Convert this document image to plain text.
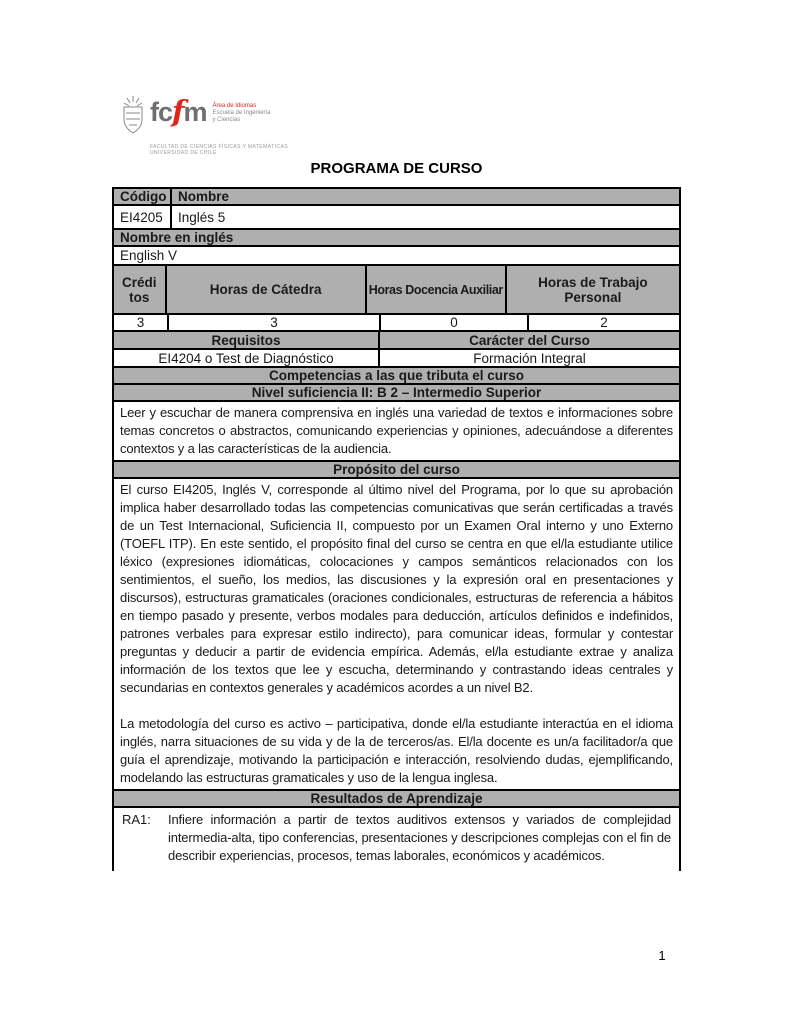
fcfm Área de Idiomas
Escuela de Ingeniería
y Ciencias
FACULTAD DE CIENCIAS FÍSICAS Y MATEMÁTICAS
UNIVERSIDAD DE CHILE
PROGRAMA DE CURSO
Código Nombre
EI4205	Inglés 5
Nombre en inglés
English V
Créditos	Horas de Cátedra	Horas Docencia Auxiliar	Horas de Trabajo Personal
3	3	0	2
Requisitos	Carácter del Curso
EI4204 o Test de Diagnóstico	Formación Integral
Competencias a las que tributa el curso
Nivel suficiencia II: B 2 – Intermedio Superior

Leer y escuchar de manera comprensiva en inglés una variedad de textos e informaciones sobre temas concretos o abstractos, comunicando experiencias y opiniones, adecuándose a diferentes contextos y a las características de la audiencia.

Propósito del curso

El curso EI4205, Inglés V, corresponde al último nivel del Programa, por lo que su aprobación implica haber desarrollado todas las competencias comunicativas que serán certificadas a través de un Test Internacional, Suficiencia II, compuesto por un Examen Oral interno y uno Externo (TOEFL ITP). En este sentido, el propósito final del curso se centra en que el/la estudiante utilice léxico (expresiones idiomáticas, colocaciones y campos semánticos relacionados con los sentimientos, el sueño, los medios, las discusiones y la expresión oral en presentaciones y discursos), estructuras gramaticales (oraciones condicionales, estructuras de referencia a hábitos en tiempo pasado y presente, verbos modales para deducción, artículos definidos e indefinidos, patrones verbales para expresar estilo indirecto), para comunicar ideas, formular y contestar preguntas y deducir a partir de evidencia empírica. Además, el/la estudiante extrae y analiza información de los textos que lee y escucha, determinando y contrastando ideas centrales y secundarias en contextos generales y académicos acordes a un nivel B2.

La metodología del curso es activo – participativa, donde el/la estudiante interactúa en el idioma inglés, narra situaciones de su vida y de la de terceros/as. El/la docente es un/a facilitador/a que guía el aprendizaje, motivando la participación e interacción, resolviendo dudas, ejemplificando, modelando las estructuras gramaticales y uso de la lengua inglesa.

Resultados de Aprendizaje
RA1:	Infiere información a partir de textos auditivos extensos y variados de complejidad intermedia-alta, tipo conferencias, presentaciones y descripciones complejas con el fin de describir experiencias, procesos, temas laborales, económicos y académicos.
1
